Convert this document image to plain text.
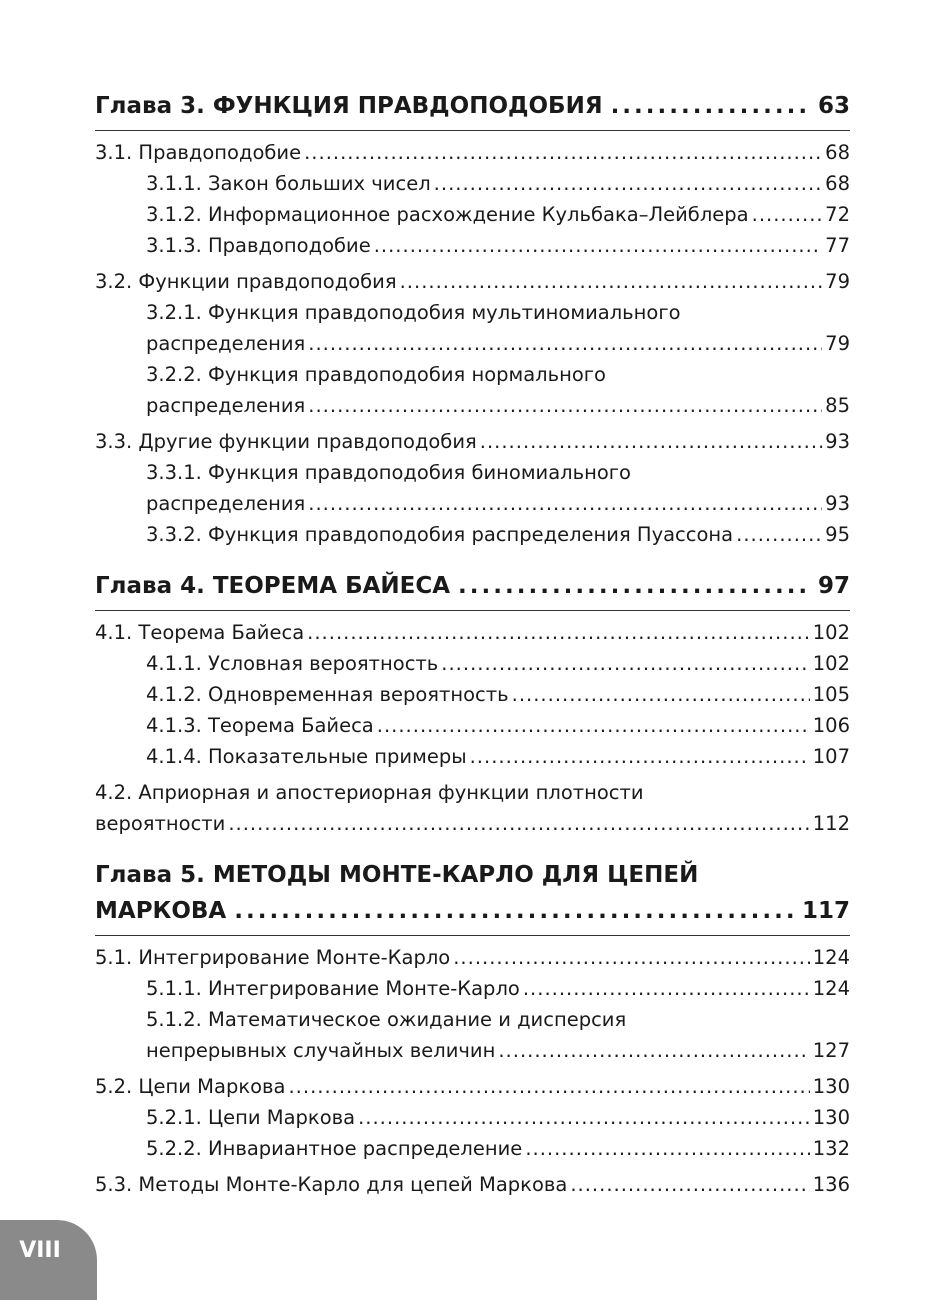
Глава 3. ФУНКЦИЯ ПРАВДОПОДОБИЯ .....	63
3.1. Правдоподобие .....	68
3.1.1. Закон больших чисел .....	68
3.1.2. Информационное расхождение Кульбака–Лейблера .....	72
3.1.3. Правдоподобие .....	77
3.2. Функции правдоподобия .....	79
3.2.1. Функция правдоподобия мультиномиального
распределения .....	79
3.2.2. Функция правдоподобия нормального
распределения .....	85
3.3. Другие функции правдоподобия .....	93
3.3.1. Функция правдоподобия биномиального
распределения .....	93
3.3.2. Функция правдоподобия распределения Пуассона .....	95
Глава 4. ТЕОРЕМА БАЙЕСА .....	97
4.1. Теорема Байеса .....	102
4.1.1. Условная вероятность .....	102
4.1.2. Одновременная вероятность .....	105
4.1.3. Теорема Байеса .....	106
4.1.4. Показательные примеры .....	107
4.2. Априорная и апостериорная функции плотности
вероятности .....	112
Глава 5. МЕТОДЫ МОНТЕ-КАРЛО ДЛЯ ЦЕПЕЙ
МАРКОВА .....	117
5.1. Интегрирование Монте-Карло .....	124
5.1.1. Интегрирование Монте-Карло .....	124
5.1.2. Математическое ожидание и дисперсия
непрерывных случайных величин .....	127
5.2. Цепи Маркова .....	130
5.2.1. Цепи Маркова .....	130
5.2.2. Инвариантное распределение .....	132
5.3. Методы Монте-Карло для цепей Маркова .....	136
VIII
